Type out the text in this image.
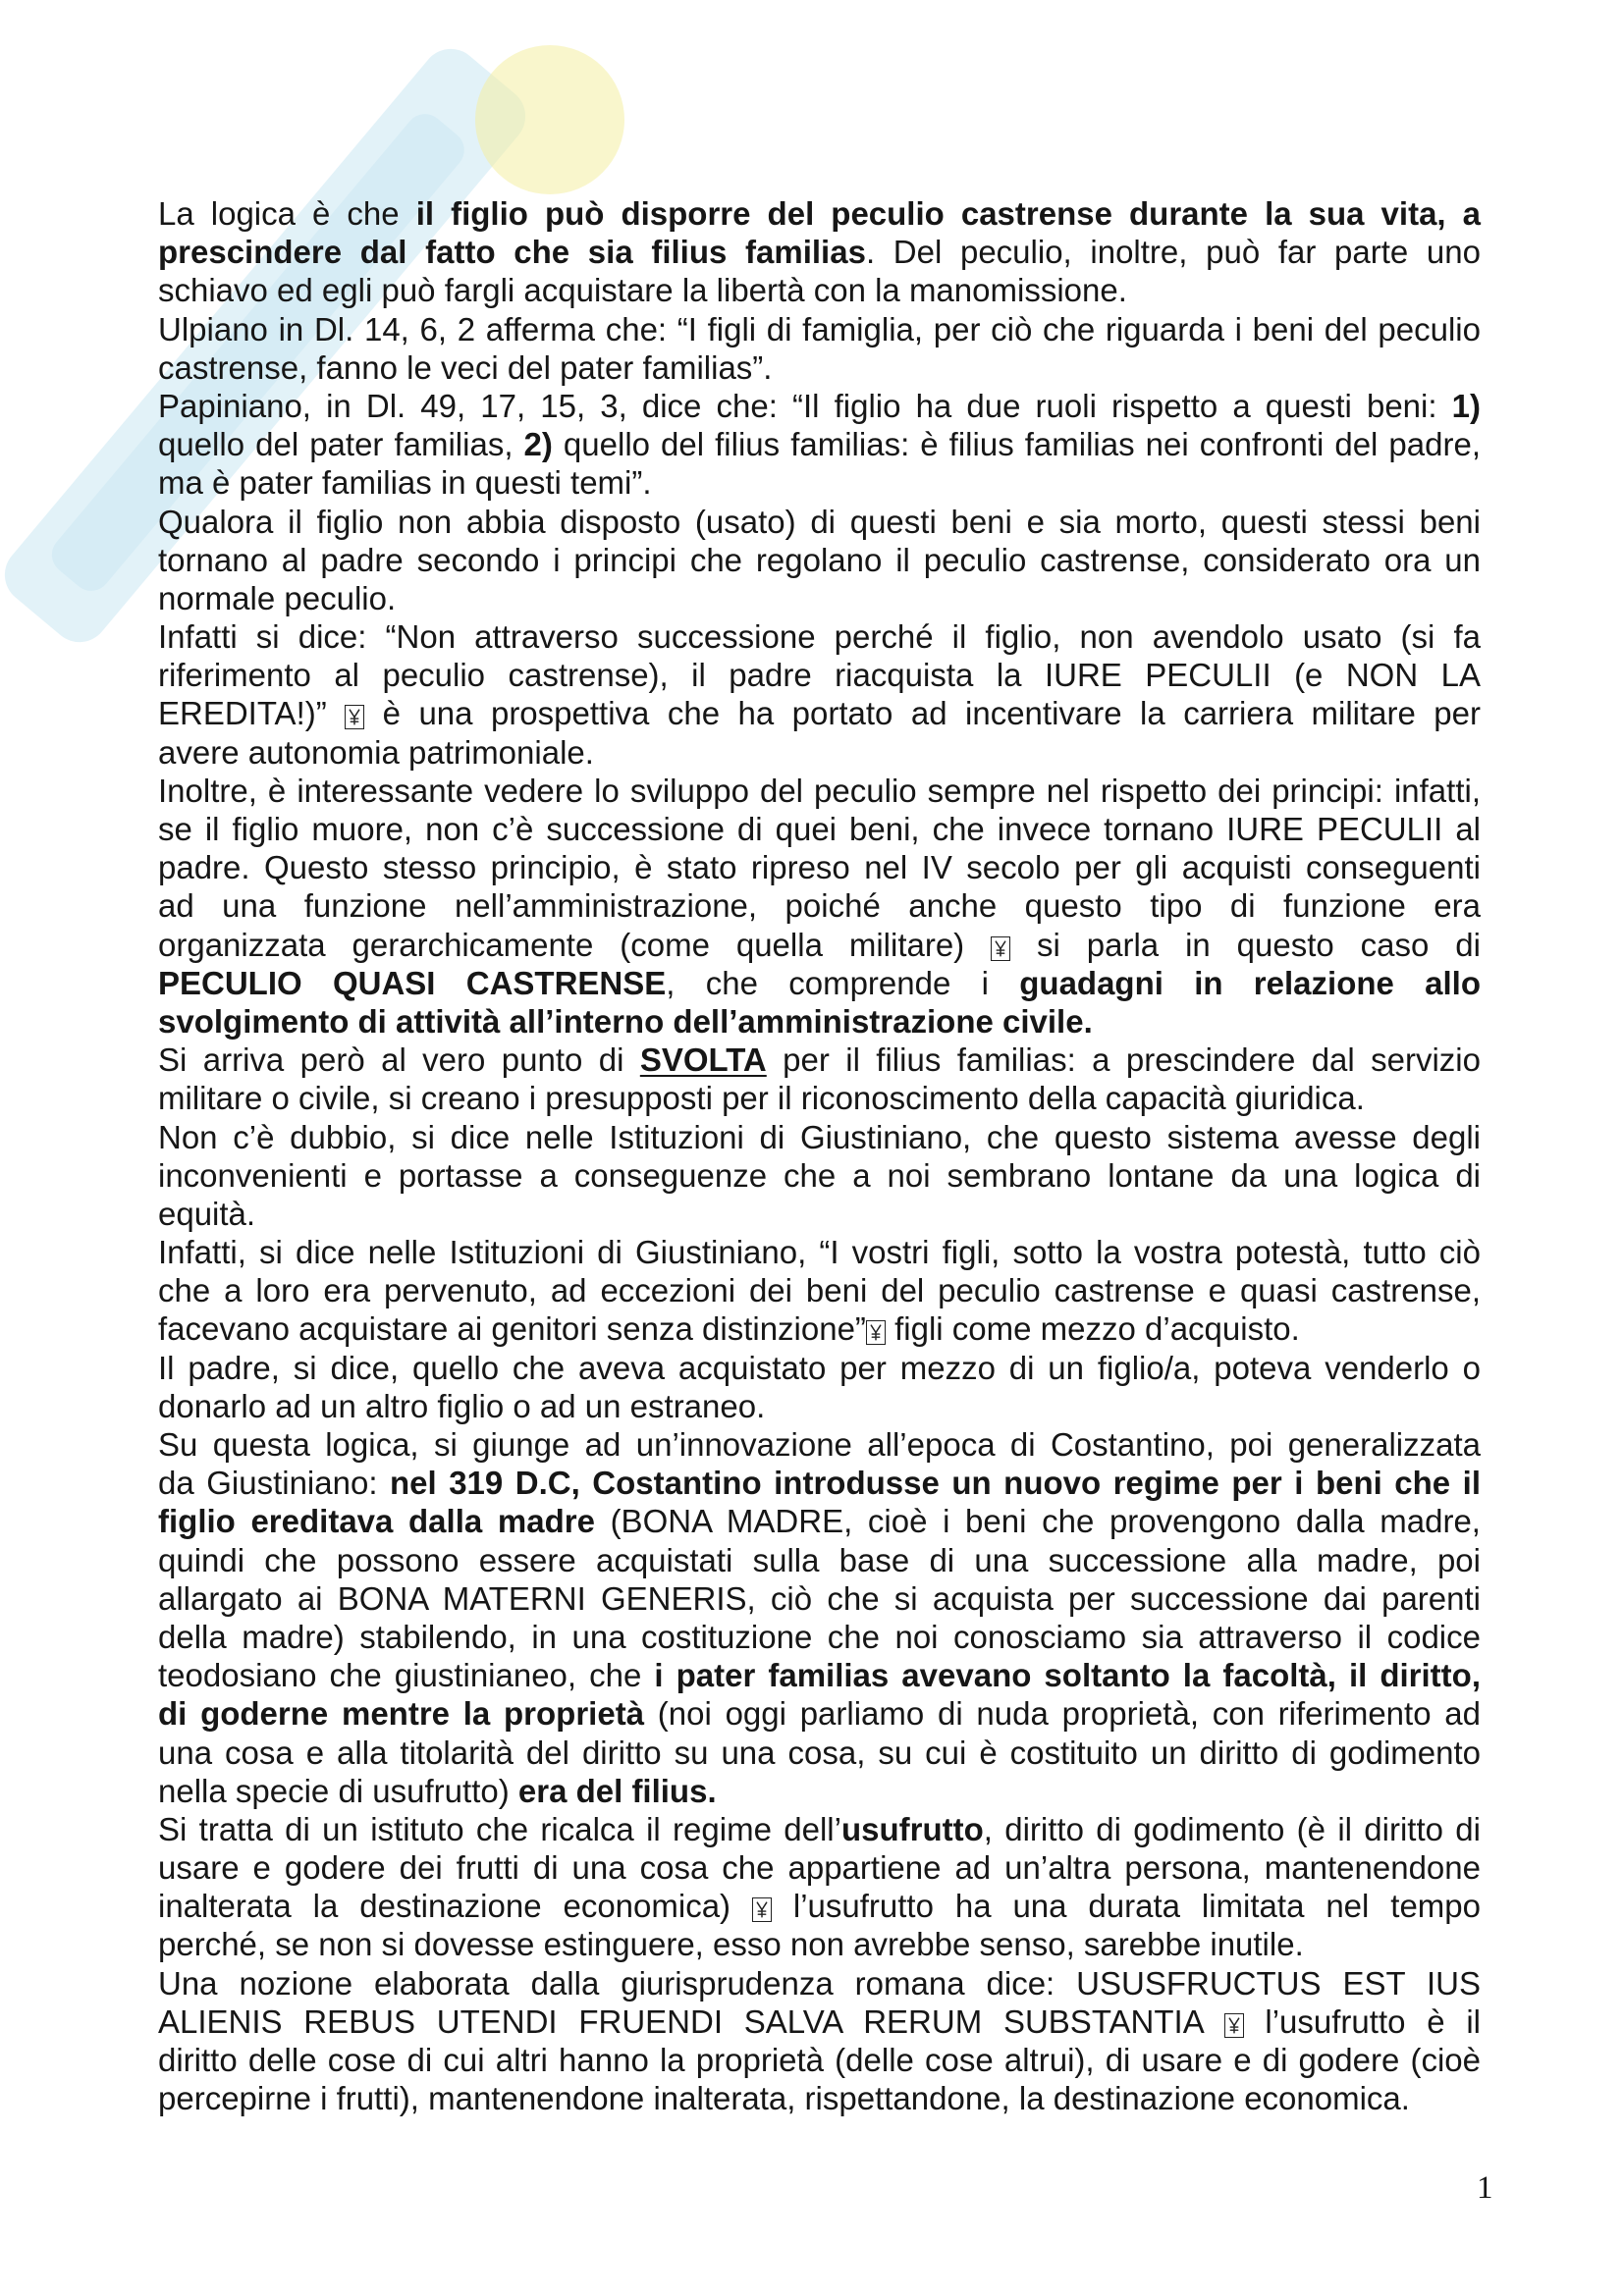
La logica è che il figlio può disporre del peculio castrense durante la sua vita, a
prescindere dal fatto che sia filius familias. Del peculio, inoltre, può far parte uno
schiavo ed egli può fargli acquistare la libertà con la manomissione.
Ulpiano in Dl. 14, 6, 2 afferma che: “I figli di famiglia, per ciò che riguarda i beni del peculio
castrense, fanno le veci del pater familias”.
Papiniano, in Dl. 49, 17, 15, 3, dice che: “Il figlio ha due ruoli rispetto a questi beni: 1)
quello del pater familias, 2) quello del filius familias: è filius familias nei confronti del padre,
ma è pater familias in questi temi”.
Qualora il figlio non abbia disposto (usato) di questi beni e sia morto, questi stessi beni
tornano al padre secondo i principi che regolano il peculio castrense, considerato ora un
normale peculio.
Infatti si dice: “Non attraverso successione perché il figlio, non avendolo usato (si fa
riferimento al peculio castrense), il padre riacquista la IURE PECULII (e NON LA
EREDITA!)”  è una prospettiva che ha portato ad incentivare la carriera militare per
avere autonomia patrimoniale.
Inoltre, è interessante vedere lo sviluppo del peculio sempre nel rispetto dei principi: infatti,
se il figlio muore, non c’è successione di quei beni, che invece tornano IURE PECULII al
padre. Questo stesso principio, è stato ripreso nel IV secolo per gli acquisti conseguenti
ad una funzione nell’amministrazione, poiché anche questo tipo di funzione era
organizzata gerarchicamente (come quella militare)  si parla in questo caso di
PECULIO QUASI CASTRENSE, che comprende i guadagni in relazione allo
svolgimento di attività all’interno dell’amministrazione civile.
Si arriva però al vero punto di SVOLTA per il filius familias: a prescindere dal servizio
militare o civile, si creano i presupposti per il riconoscimento della capacità giuridica.
Non c’è dubbio, si dice nelle Istituzioni di Giustiniano, che questo sistema avesse degli
inconvenienti e portasse a conseguenze che a noi sembrano lontane da una logica di
equità.
Infatti, si dice nelle Istituzioni di Giustiniano, “I vostri figli, sotto la vostra potestà, tutto ciò
che a loro era pervenuto, ad eccezioni dei beni del peculio castrense e quasi castrense,
facevano acquistare ai genitori senza distinzione” figli come mezzo d’acquisto.
Il padre, si dice, quello che aveva acquistato per mezzo di un figlio/a, poteva venderlo o
donarlo ad un altro figlio o ad un estraneo.
Su questa logica, si giunge ad un’innovazione all’epoca di Costantino, poi generalizzata
da Giustiniano: nel 319 D.C, Costantino introdusse un nuovo regime per i beni che il
figlio ereditava dalla madre (BONA MADRE, cioè i beni che provengono dalla madre,
quindi che possono essere acquistati sulla base di una successione alla madre, poi
allargato ai BONA MATERNI GENERIS, ciò che si acquista per successione dai parenti
della madre) stabilendo, in una costituzione che noi conosciamo sia attraverso il codice
teodosiano che giustinianeo, che i pater familias avevano soltanto la facoltà, il diritto,
di goderne mentre la proprietà (noi oggi parliamo di nuda proprietà, con riferimento ad
una cosa e alla titolarità del diritto su una cosa, su cui è costituito un diritto di godimento
nella specie di usufrutto) era del filius.
Si tratta di un istituto che ricalca il regime dell’usufrutto, diritto di godimento (è il diritto di
usare e godere dei frutti di una cosa che appartiene ad un’altra persona, mantenendone
inalterata la destinazione economica)  l’usufrutto ha una durata limitata nel tempo
perché, se non si dovesse estinguere, esso non avrebbe senso, sarebbe inutile.
Una nozione elaborata dalla giurisprudenza romana dice: USUSFRUCTUS EST IUS
ALIENIS REBUS UTENDI FRUENDI SALVA RERUM SUBSTANTIA  l’usufrutto è il
diritto delle cose di cui altri hanno la proprietà (delle cose altrui), di usare e di godere (cioè
percepirne i frutti), mantenendone inalterata, rispettandone, la destinazione economica.
1
